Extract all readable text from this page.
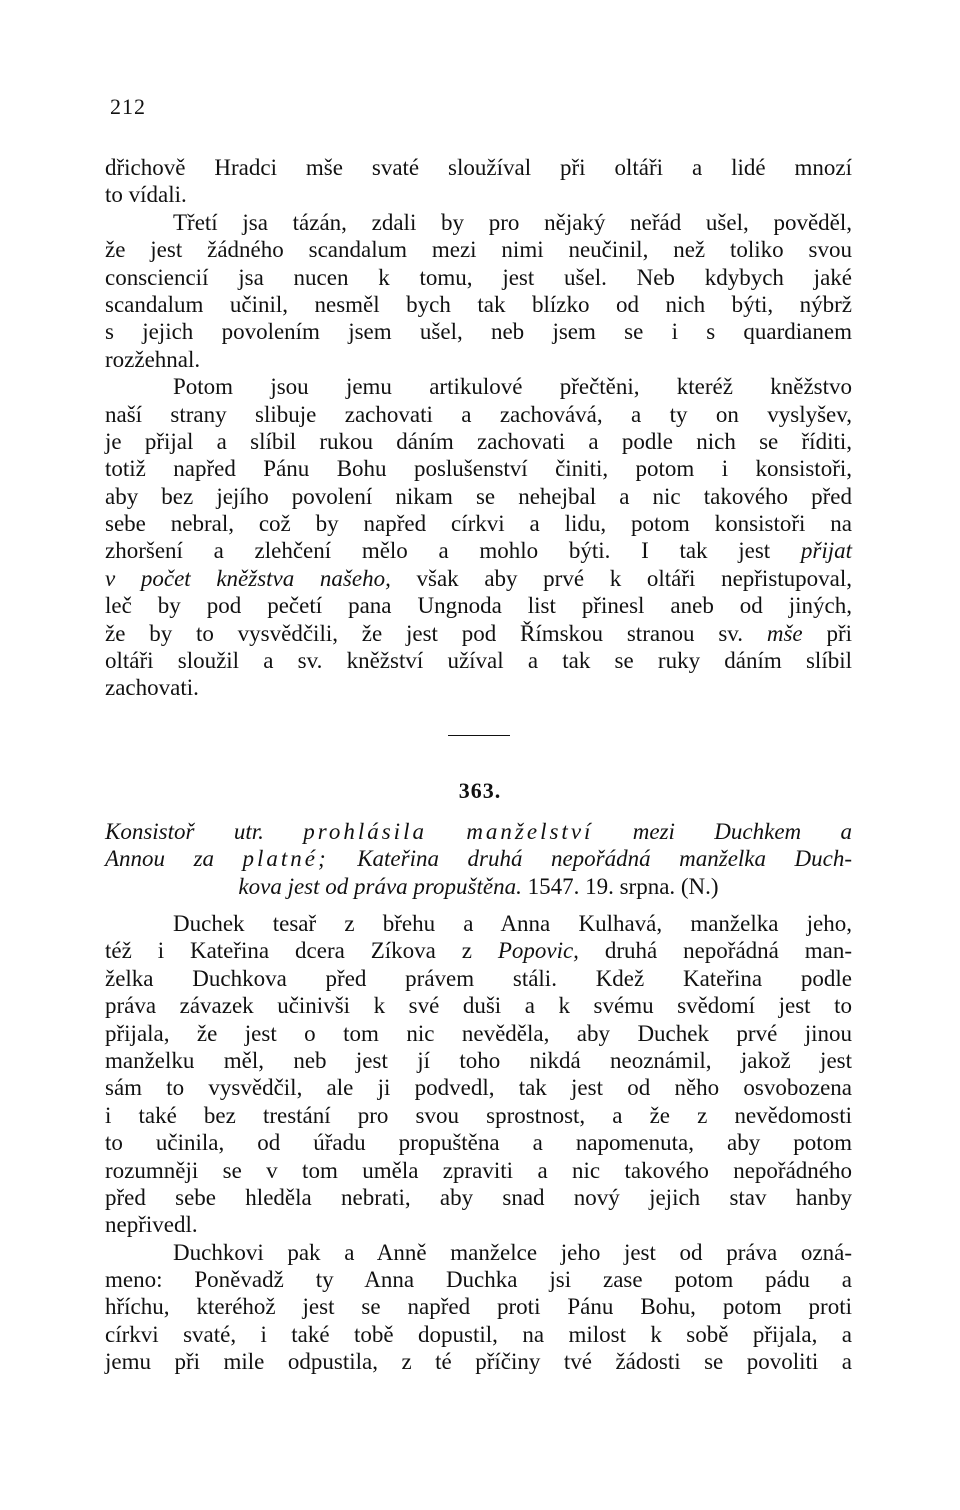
212
dřichově Hradci mše svaté sloužíval při oltáři a lidé mnozí
to vídali.
Třetí jsa tázán, zdali by pro nějaký neřád ušel, pověděl,
že jest žádného scandalum mezi nimi neučinil, než toliko svou
consciencií jsa nucen k tomu, jest ušel. Neb kdybych jaké
scandalum učinil, nesměl bych tak blízko od nich býti, nýbrž
s jejich povolením jsem ušel, neb jsem se i s quardianem
rozžehnal.
Potom jsou jemu artikulové přečtěni, kteréž kněžstvo
naší strany slibuje zachovati a zachovává, a ty on vyslyšev,
je přijal a slíbil rukou dáním zachovati a podle nich se říditi,
totiž napřed Pánu Bohu poslušenství činiti, potom i konsistoři,
aby bez jejího povolení nikam se nehejbal a nic takového před
sebe nebral, což by napřed církvi a lidu, potom konsistoři na
zhoršení a zlehčení mělo a mohlo býti. I tak jest přijat
v počet kněžstva našeho, však aby prvé k oltáři nepřistupoval,
leč by pod pečetí pana Ungnoda list přinesl aneb od jiných,
že by to vysvědčili, že jest pod Římskou stranou sv. mše při
oltáři sloužil a sv. kněžství užíval a tak se ruky dáním slíbil
zachovati.
363.
Konsistoř utr. prohlásila manželství mezi Duchkem a
Annou za platné; Kateřina druhá nepořádná manželka Duch-
kova jest od práva propuštěna. 1547. 19. srpna. (N.)
Duchek tesař z břehu a Anna Kulhavá, manželka jeho,
též i Kateřina dcera Zíkova z Popovic, druhá nepořádná man-
želka Duchkova před právem stáli. Kdež Kateřina podle
práva závazek učinivši k své duši a k svému svědomí jest to
přijala, že jest o tom nic nevěděla, aby Duchek prvé jinou
manželku měl, neb jest jí toho nikdá neoznámil, jakož jest
sám to vysvědčil, ale ji podvedl, tak jest od něho osvobozena
i také bez trestání pro svou sprostnost, a že z nevědomosti
to učinila, od úřadu propuštěna a napomenuta, aby potom
rozumněji se v tom uměla zpraviti a nic takového nepořádného
před sebe hleděla nebrati, aby snad nový jejich stav hanby
nepřivedl.
Duchkovi pak a Anně manželce jeho jest od práva ozná-
meno: Poněvadž ty Anna Duchka jsi zase potom pádu a
hříchu, kteréhož jest se napřed proti Pánu Bohu, potom proti
církvi svaté, i také tobě dopustil, na milost k sobě přijala, a
jemu při mile odpustila, z té příčiny tvé žádosti se povoliti a
